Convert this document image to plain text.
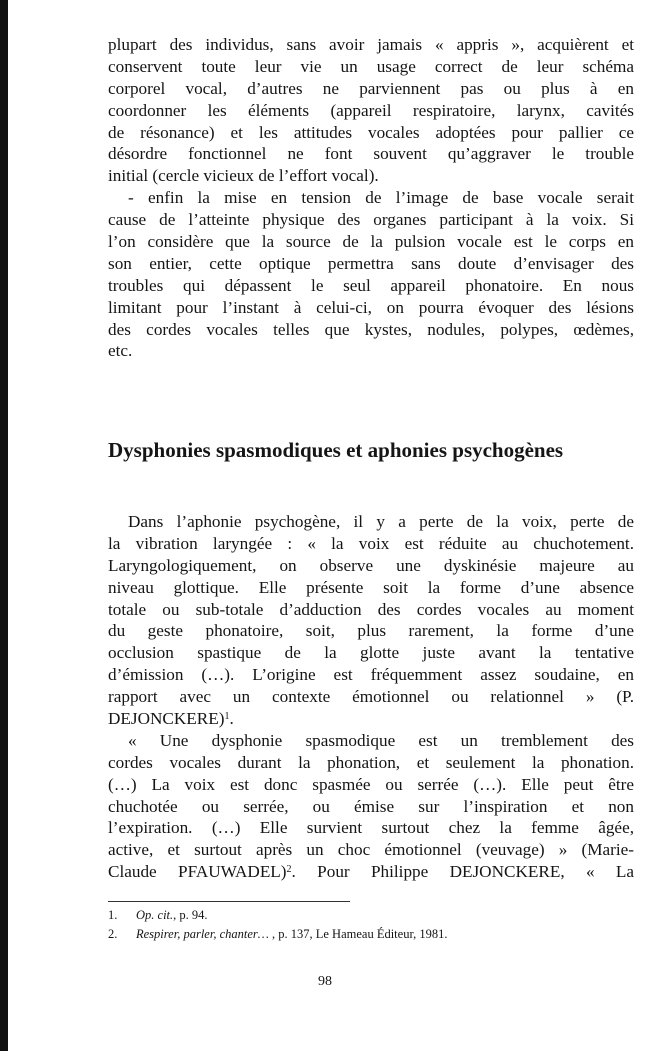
plupart des individus, sans avoir jamais « appris », acquièrent et
conservent toute leur vie un usage correct de leur schéma
corporel vocal, d’autres ne parviennent pas ou plus à en
coordonner les éléments (appareil respiratoire, larynx, cavités
de résonance) et les attitudes vocales adoptées pour pallier ce
désordre fonctionnel ne font souvent qu’aggraver le trouble
initial (cercle vicieux de l’effort vocal).
- enfin la mise en tension de l’image de base vocale serait
cause de l’atteinte physique des organes participant à la voix. Si
l’on considère que la source de la pulsion vocale est le corps en
son entier, cette optique permettra sans doute d’envisager des
troubles qui dépassent le seul appareil phonatoire. En nous
limitant pour l’instant à celui-ci, on pourra évoquer des lésions
des cordes vocales telles que kystes, nodules, polypes, œdèmes,
etc.
Dysphonies spasmodiques et aphonies psychogènes
Dans l’aphonie psychogène, il y a perte de la voix, perte de
la vibration laryngée : « la voix est réduite au chuchotement.
Laryngologiquement, on observe une dyskinésie majeure au
niveau glottique. Elle présente soit la forme d’une absence
totale ou sub-totale d’adduction des cordes vocales au moment
du geste phonatoire, soit, plus rarement, la forme d’une
occlusion spastique de la glotte juste avant la tentative
d’émission (…). L’origine est fréquemment assez soudaine, en
rapport avec un contexte émotionnel ou relationnel » (P.
DEJONCKERE)$^1$.
« Une dysphonie spasmodique est un tremblement des
cordes vocales durant la phonation, et seulement la phonation.
(…) La voix est donc spasmée ou serrée (…). Elle peut être
chuchotée ou serrée, ou émise sur l’inspiration et non
l’expiration. (…) Elle survient surtout chez la femme âgée,
active, et surtout après un choc émotionnel (veuvage) » (Marie-
Claude PFAUWADEL)$^2$. Pour Philippe DEJONCKERE, « La
1. Op. cit., p. 94.
2. Respirer, parler, chanter… , p. 137, Le Hameau Éditeur, 1981.
98
